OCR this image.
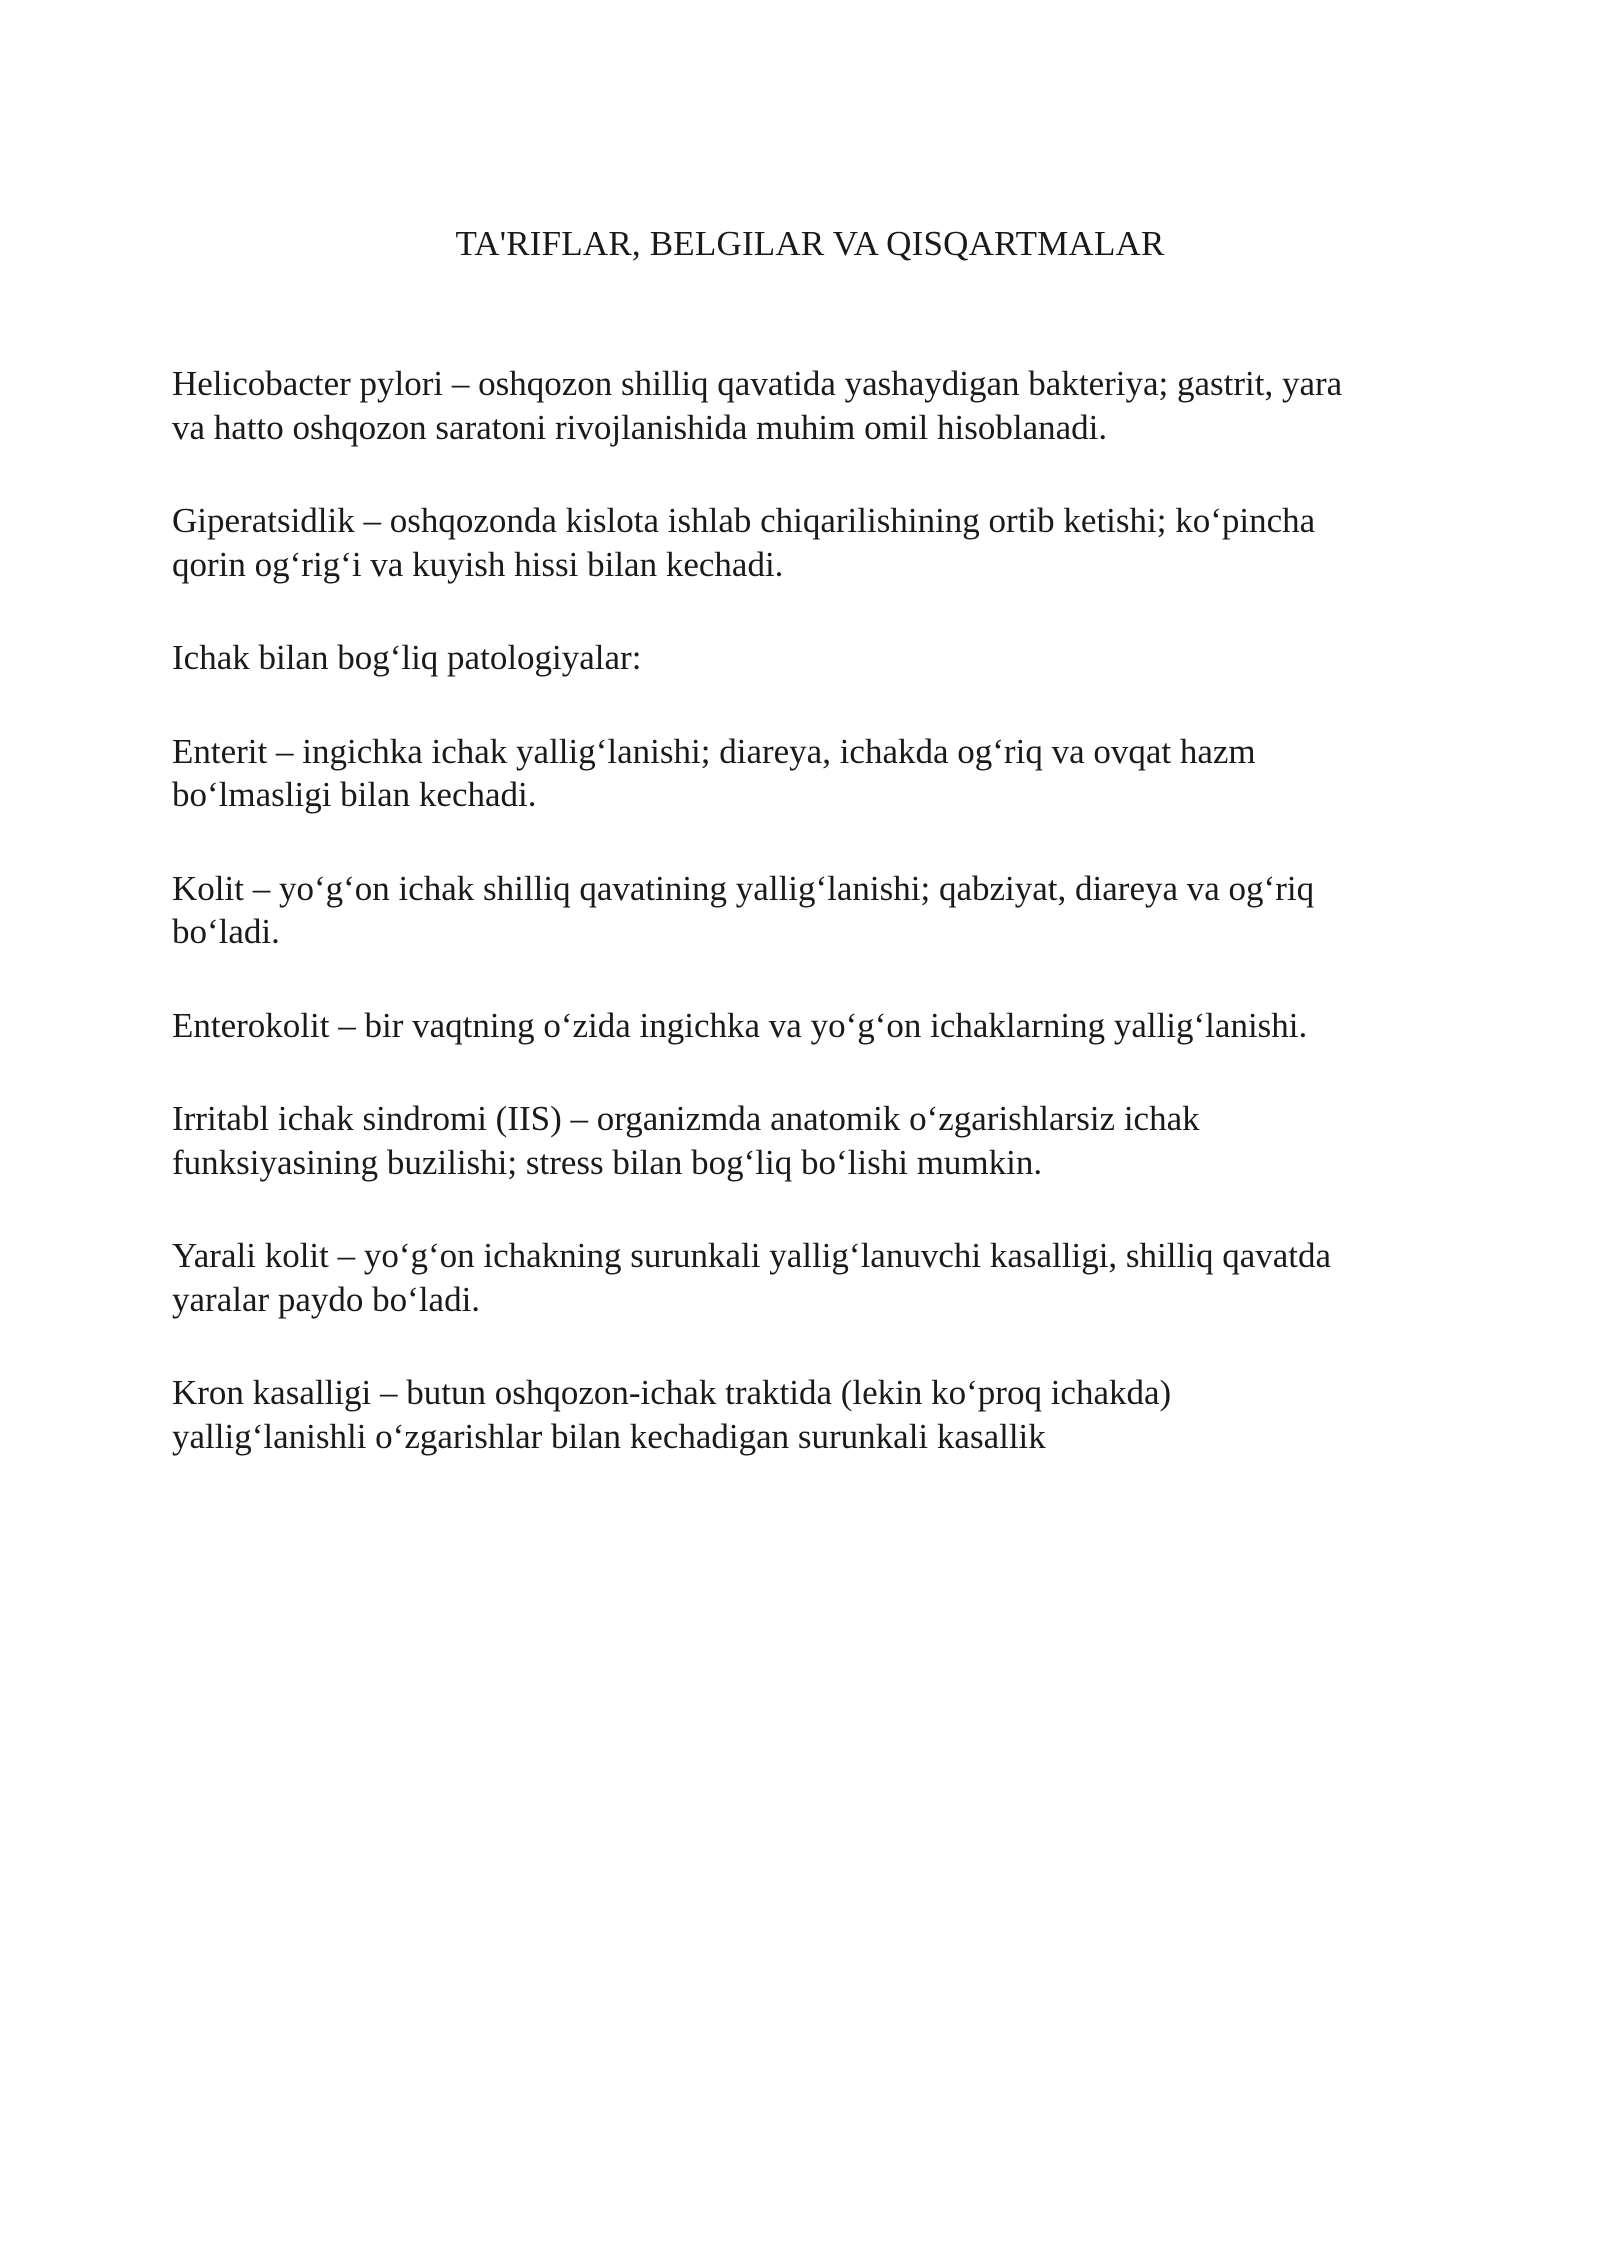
TA'RIFLAR, BELGILAR VA QISQARTMALAR

Helicobacter pylori – oshqozon shilliq qavatida yashaydigan bakteriya; gastrit, yara
va hatto oshqozon saratoni rivojlanishida muhim omil hisoblanadi.

Giperatsidlik – oshqozonda kislota ishlab chiqarilishining ortib ketishi; ko‘pincha
qorin og‘rig‘i va kuyish hissi bilan kechadi.

Ichak bilan bog‘liq patologiyalar:

Enterit – ingichka ichak yallig‘lanishi; diareya, ichakda og‘riq va ovqat hazm
bo‘lmasligi bilan kechadi.

Kolit – yo‘g‘on ichak shilliq qavatining yallig‘lanishi; qabziyat, diareya va og‘riq
bo‘ladi.

Enterokolit – bir vaqtning o‘zida ingichka va yo‘g‘on ichaklarning yallig‘lanishi.

Irritabl ichak sindromi (IIS) – organizmda anatomik o‘zgarishlarsiz ichak
funksiyasining buzilishi; stress bilan bog‘liq bo‘lishi mumkin.

Yarali kolit – yo‘g‘on ichakning surunkali yallig‘lanuvchi kasalligi, shilliq qavatda
yaralar paydo bo‘ladi.

Kron kasalligi – butun oshqozon-ichak traktida (lekin ko‘proq ichakda)
yallig‘lanishli o‘zgarishlar bilan kechadigan surunkali kasallik
